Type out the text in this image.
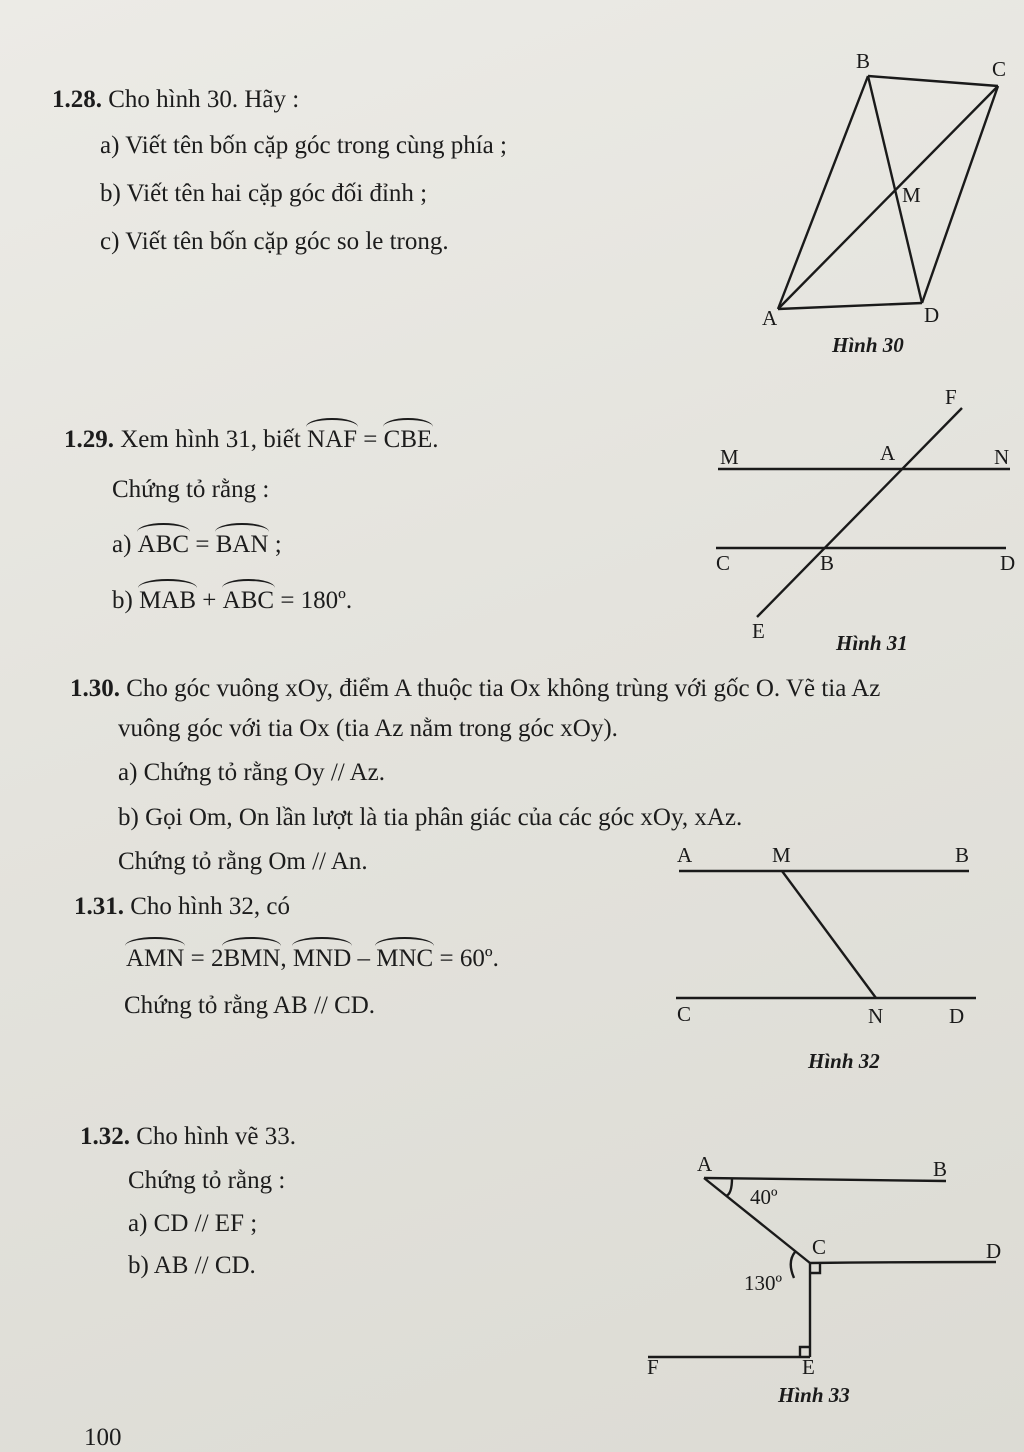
1.28. Cho hình 30. Hãy :
a) Viết tên bốn cặp góc trong cùng phía ;
b) Viết tên hai cặp góc đối đỉnh ;
c) Viết tên bốn cặp góc so le trong.
B	C
M
A	D
Hình 30
1.29. Xem hình 31, biết NAF = CBE.
Chứng tỏ rằng :
a) ABC = BAN ;
b) MAB + ABC = 180º.
F
M	A	N
C	B	D
E	Hình 31
1.30. Cho góc vuông xOy, điểm A thuộc tia Ox không trùng với gốc O. Vẽ tia Az
vuông góc với tia Ox (tia Az nằm trong góc xOy).
a) Chứng tỏ rằng Oy // Az.
b) Gọi Om, On lần lượt là tia phân giác của các góc xOy, xAz.
Chứng tỏ rằng Om // An.
1.31. Cho hình 32, có
AMN = 2BMN, MND – MNC = 60º.
Chứng tỏ rằng AB // CD.
A	M	B
C	N	D
Hình 32
1.32. Cho hình vẽ 33.
Chứng tỏ rằng :
a) CD // EF ;
b) AB // CD.
A	B
40º
C	D
130º
F	E
Hình 33
100
